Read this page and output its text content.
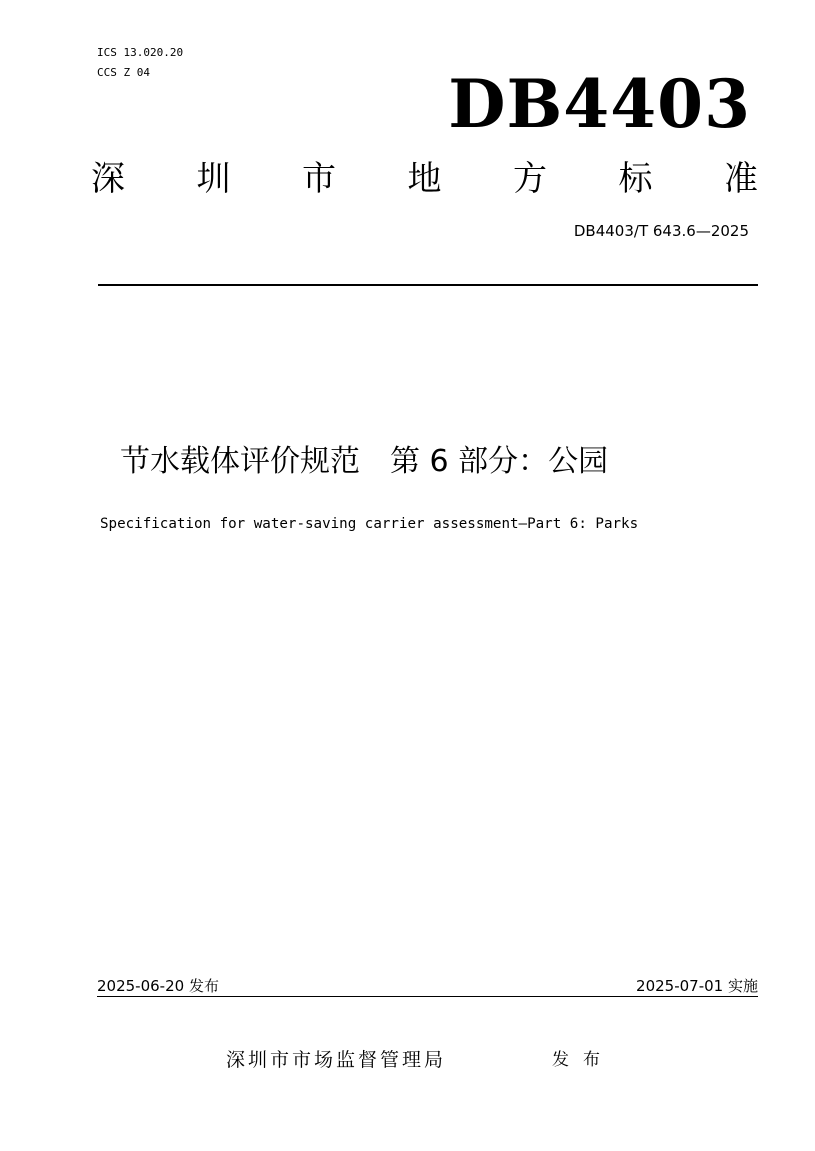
ICS 13.020.20
CCS Z 04	DB4403
深 圳 市 地 方 标 准
DB4403/T 643.6—2025
节水载体评价规范　第 6 部分：公园
Specification for water-saving carrier assessment—Part 6: Parks
2025-06-20 发布	2025-07-01 实施
深圳市市场监督管理局	发布
